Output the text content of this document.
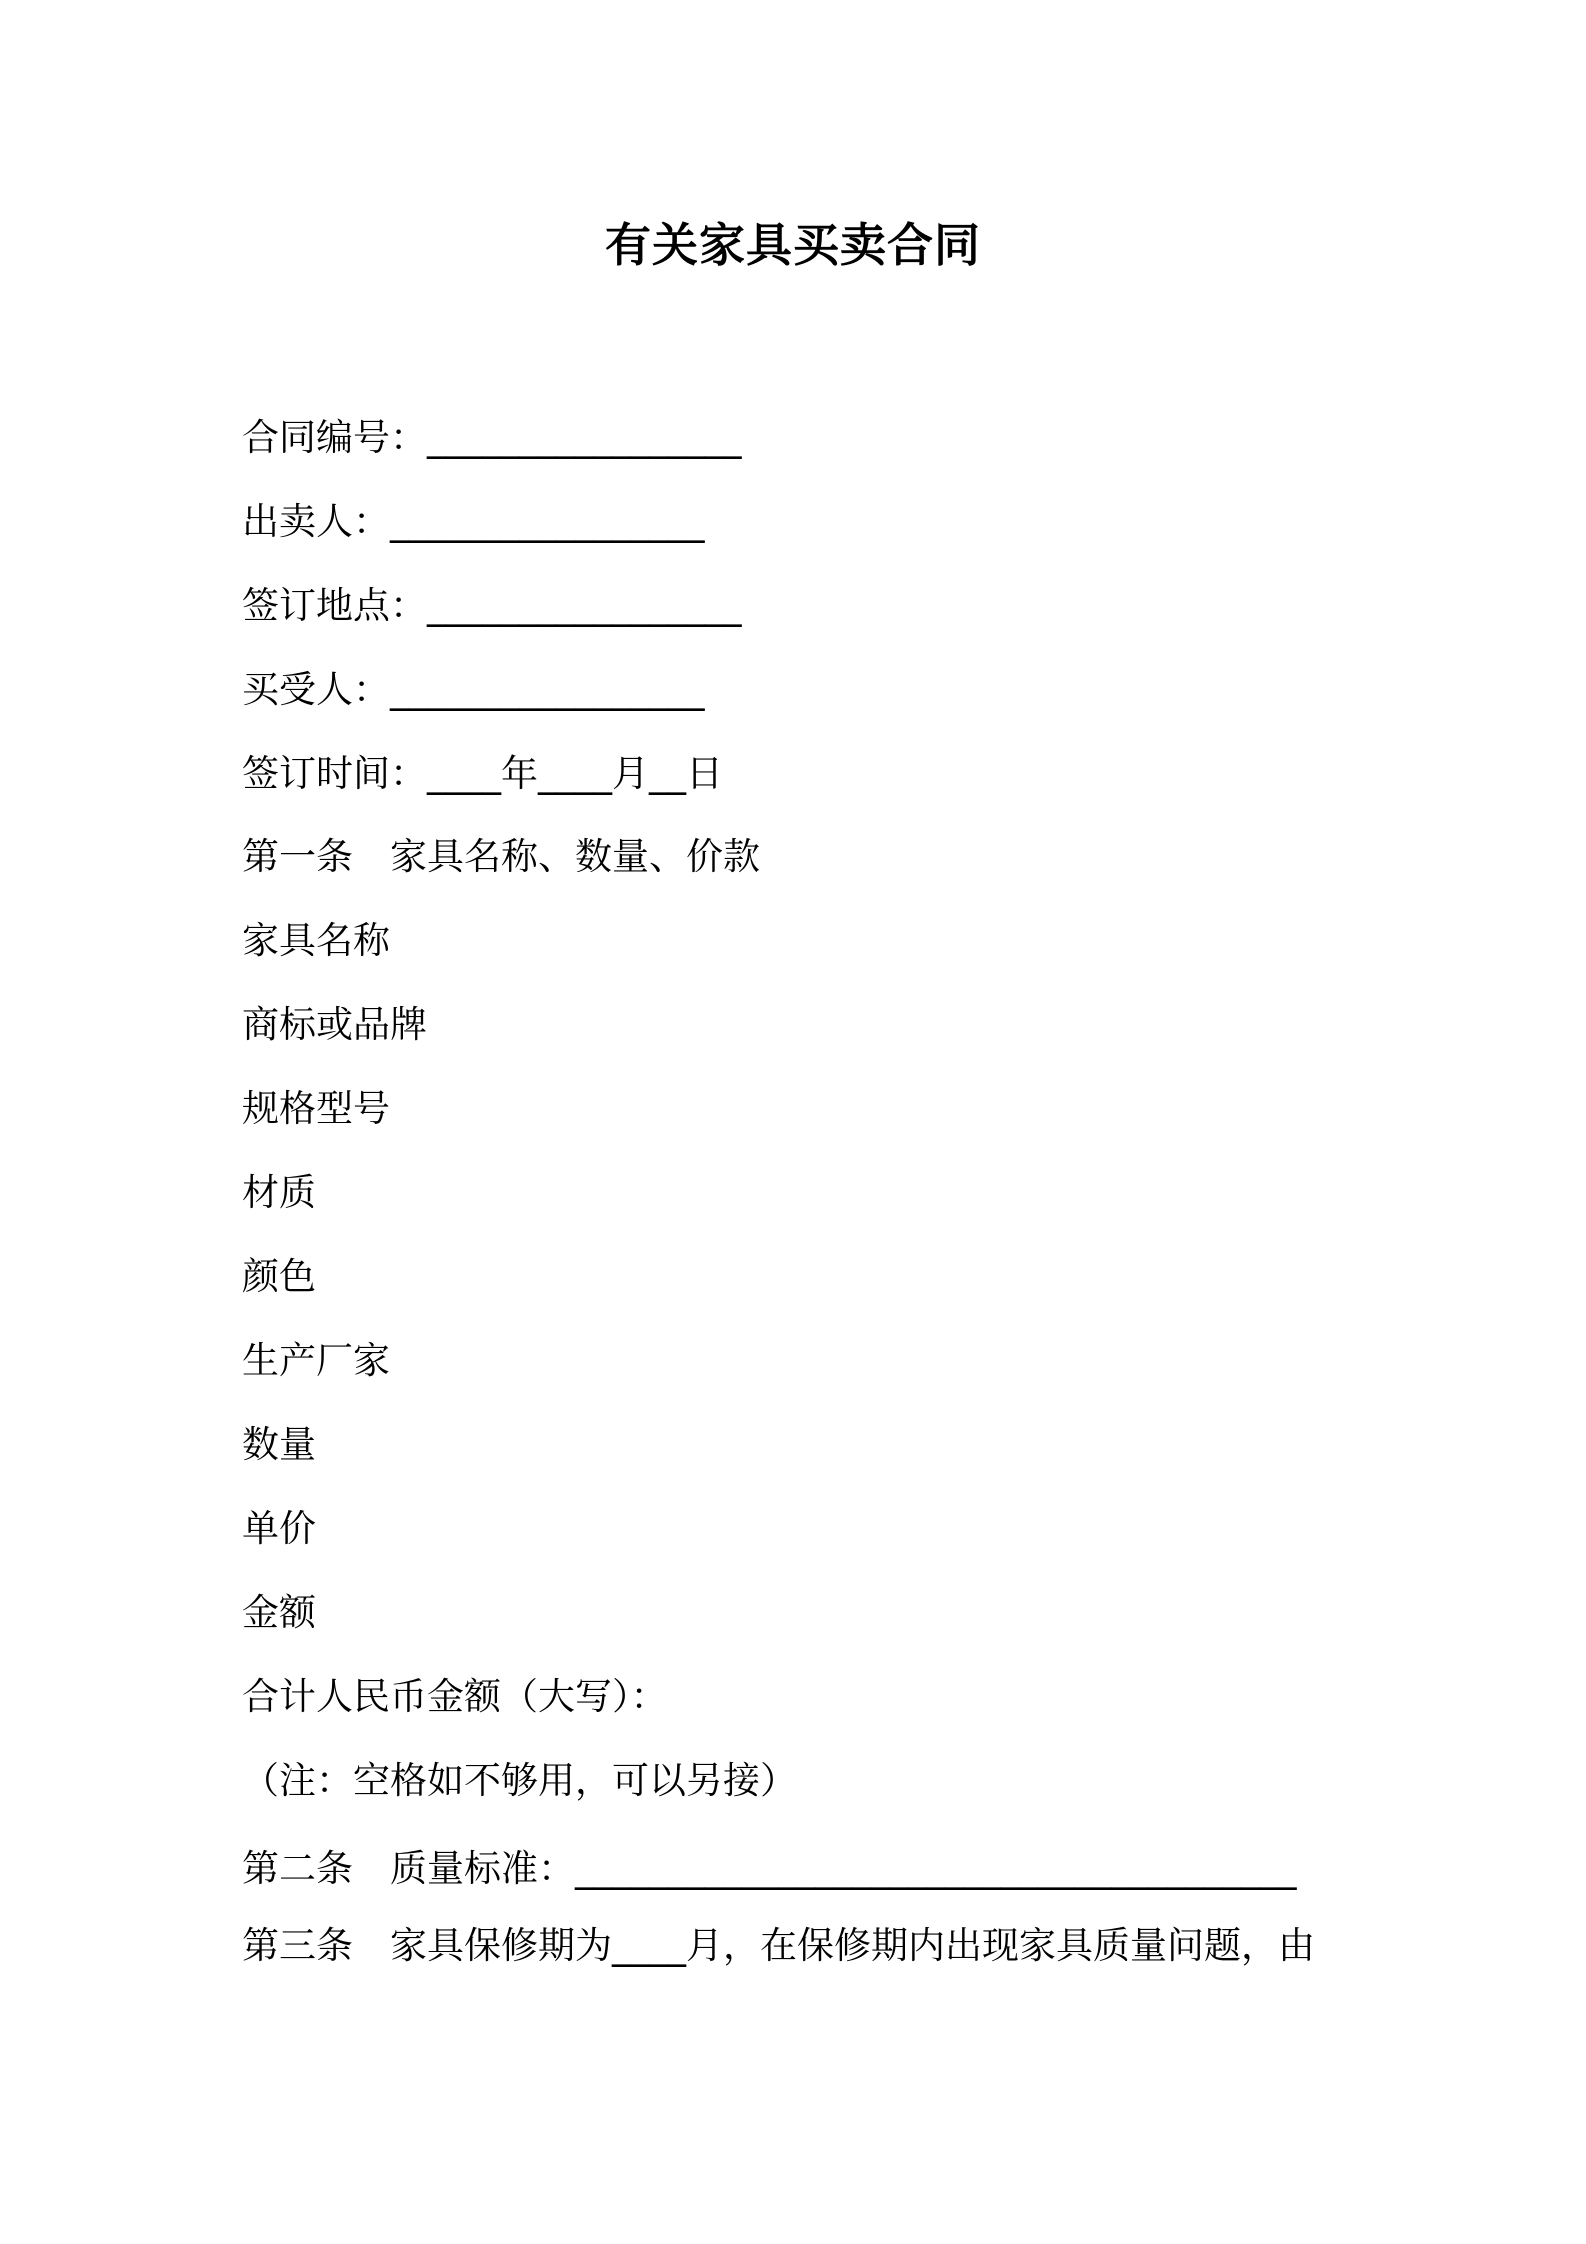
有关家具买卖合同
合同编号：_________________
出卖人：_________________
签订地点：_________________
买受人：_________________
签订时间：____年____月__日
第一条　家具名称、数量、价款
家具名称
商标或品牌
规格型号
材质
颜色
生产厂家
数量
单价
金额
合计人民币金额（大写）：
（注：空格如不够用，可以另接）
第二条　质量标准：_______________________________________
第三条　家具保修期为____月，在保修期内出现家具质量问题，由
